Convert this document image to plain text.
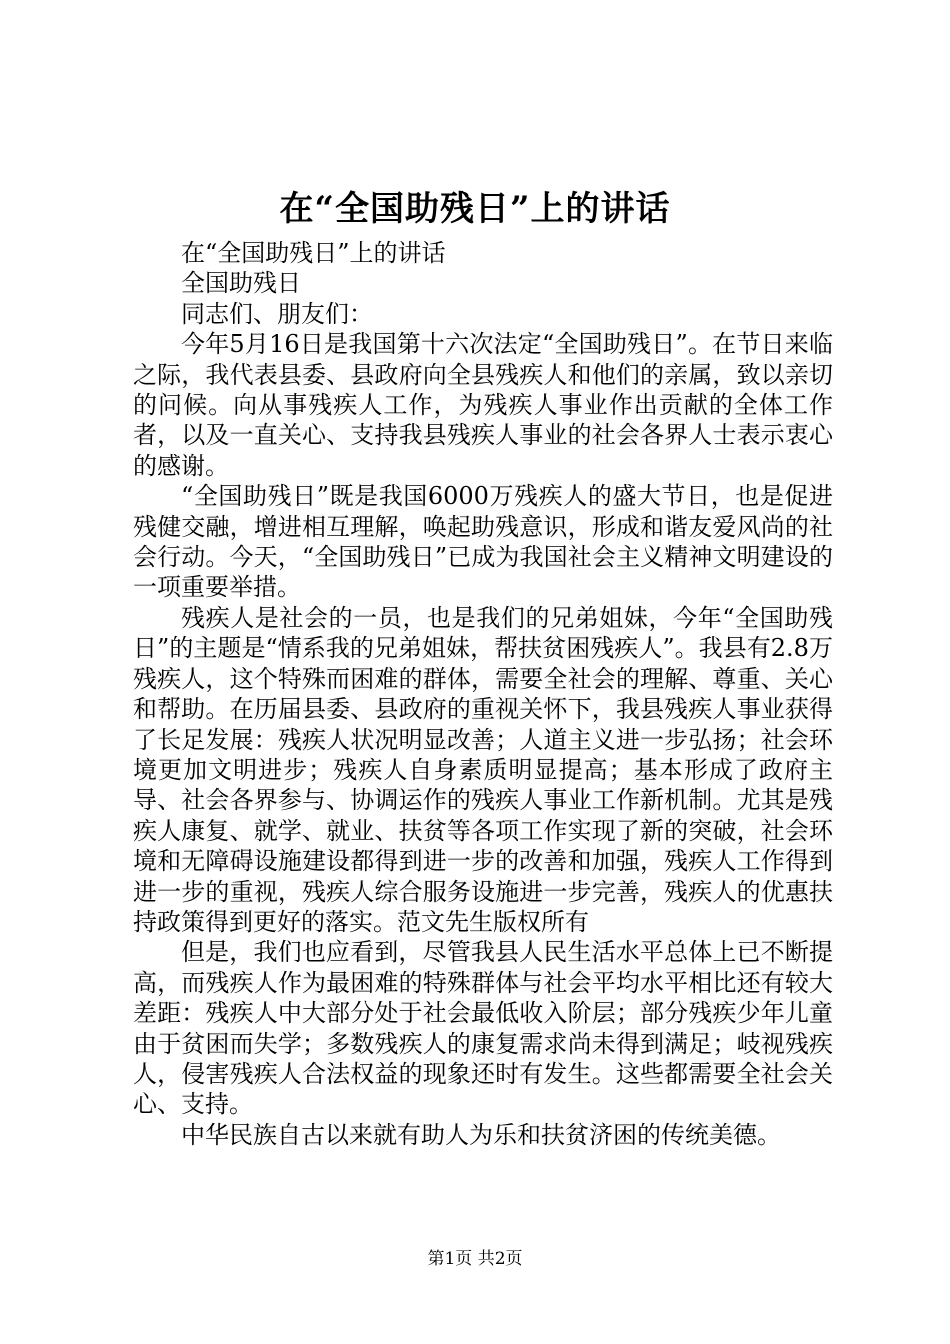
在“全国助残日”上的讲话

在“全国助残日”上的讲话

全国助残日

同志们、朋友们：

今年5月16日是我国第十六次法定“全国助残日”。在节日来临之际，我代表县委、县政府向全县残疾人和他们的亲属，致以亲切的问候。向从事残疾人工作，为残疾人事业作出贡献的全体工作者，以及一直关心、支持我县残疾人事业的社会各界人士表示衷心的感谢。

“全国助残日”既是我国6000万残疾人的盛大节日，也是促进残健交融，增进相互理解，唤起助残意识，形成和谐友爱风尚的社会行动。今天，“全国助残日”已成为我国社会主义精神文明建设的一项重要举措。

残疾人是社会的一员，也是我们的兄弟姐妹，今年“全国助残日”的主题是“情系我的兄弟姐妹，帮扶贫困残疾人”。我县有2.8万残疾人，这个特殊而困难的群体，需要全社会的理解、尊重、关心和帮助。在历届县委、县政府的重视关怀下，我县残疾人事业获得了长足发展：残疾人状况明显改善；人道主义进一步弘扬；社会环境更加文明进步；残疾人自身素质明显提高；基本形成了政府主导、社会各界参与、协调运作的残疾人事业工作新机制。尤其是残疾人康复、就学、就业、扶贫等各项工作实现了新的突破，社会环境和无障碍设施建设都得到进一步的改善和加强，残疾人工作得到进一步的重视，残疾人综合服务设施进一步完善，残疾人的优惠扶持政策得到更好的落实。范文先生版权所有

但是，我们也应看到，尽管我县人民生活水平总体上已不断提高，而残疾人作为最困难的特殊群体与社会平均水平相比还有较大差距：残疾人中大部分处于社会最低收入阶层；部分残疾少年儿童由于贫困而失学；多数残疾人的康复需求尚未得到满足；岐视残疾人，侵害残疾人合法权益的现象还时有发生。这些都需要全社会关心、支持。

中华民族自古以来就有助人为乐和扶贫济困的传统美德。

第1页 共2页
